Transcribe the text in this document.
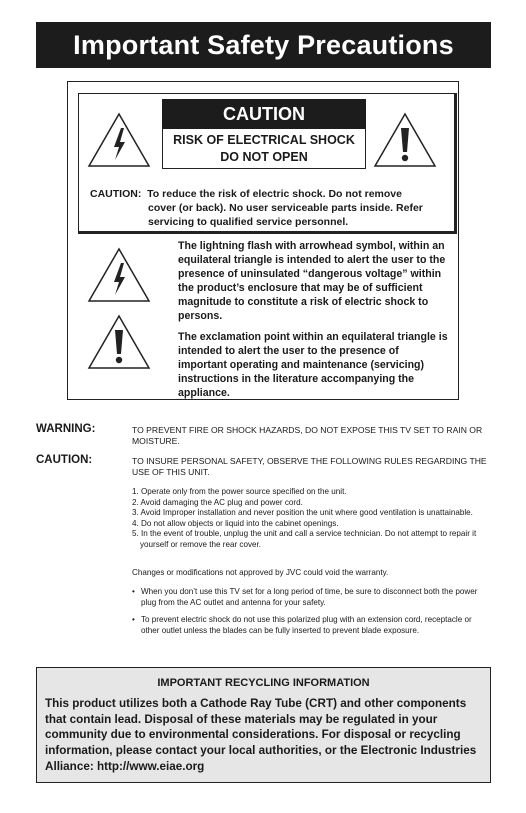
Important Safety Precautions
CAUTION
RISK OF ELECTRICAL SHOCK
DO NOT OPEN
CAUTION: To reduce the risk of electric shock. Do not remove
cover (or back). No user serviceable parts inside. Refer
servicing to qualified service personnel.
The lightning flash with arrowhead symbol, within an equilateral triangle is intended to alert the user to the presence of uninsulated “dangerous voltage” within the product’s enclosure that may be of sufficient magnitude to constitute a risk of electric shock to persons.
The exclamation point within an equilateral triangle is intended to alert the user to the presence of important operating and maintenance (servicing) instructions in the literature accompanying the appliance.
WARNING:	TO PREVENT FIRE OR SHOCK HAZARDS, DO NOT EXPOSE THIS TV SET TO RAIN OR MOISTURE.
CAUTION:	TO INSURE PERSONAL SAFETY, OBSERVE THE FOLLOWING RULES REGARDING THE USE OF THIS UNIT.
1. Operate only from the power source specified on the unit.
2. Avoid damaging the AC plug and power cord.
3. Avoid Improper installation and never position the unit where good ventilation is unattainable.
4. Do not allow objects or liquid into the cabinet openings.
5. In the event of trouble, unplug the unit and call a service technician. Do not attempt to repair it yourself or remove the rear cover.
Changes or modifications not approved by JVC could void the warranty.
• When you don’t use this TV set for a long period of time, be sure to disconnect both the power plug from the AC outlet and antenna for your safety.
• To prevent electric shock do not use this polarized plug with an extension cord, receptacle or other outlet unless the blades can be fully inserted to prevent blade exposure.
IMPORTANT RECYCLING INFORMATION
This product utilizes both a Cathode Ray Tube (CRT) and other components that contain lead. Disposal of these materials may be regulated in your community due to environmental considerations. For disposal or recycling information, please contact your local authorities, or the Electronic Industries Alliance: http://www.eiae.org
